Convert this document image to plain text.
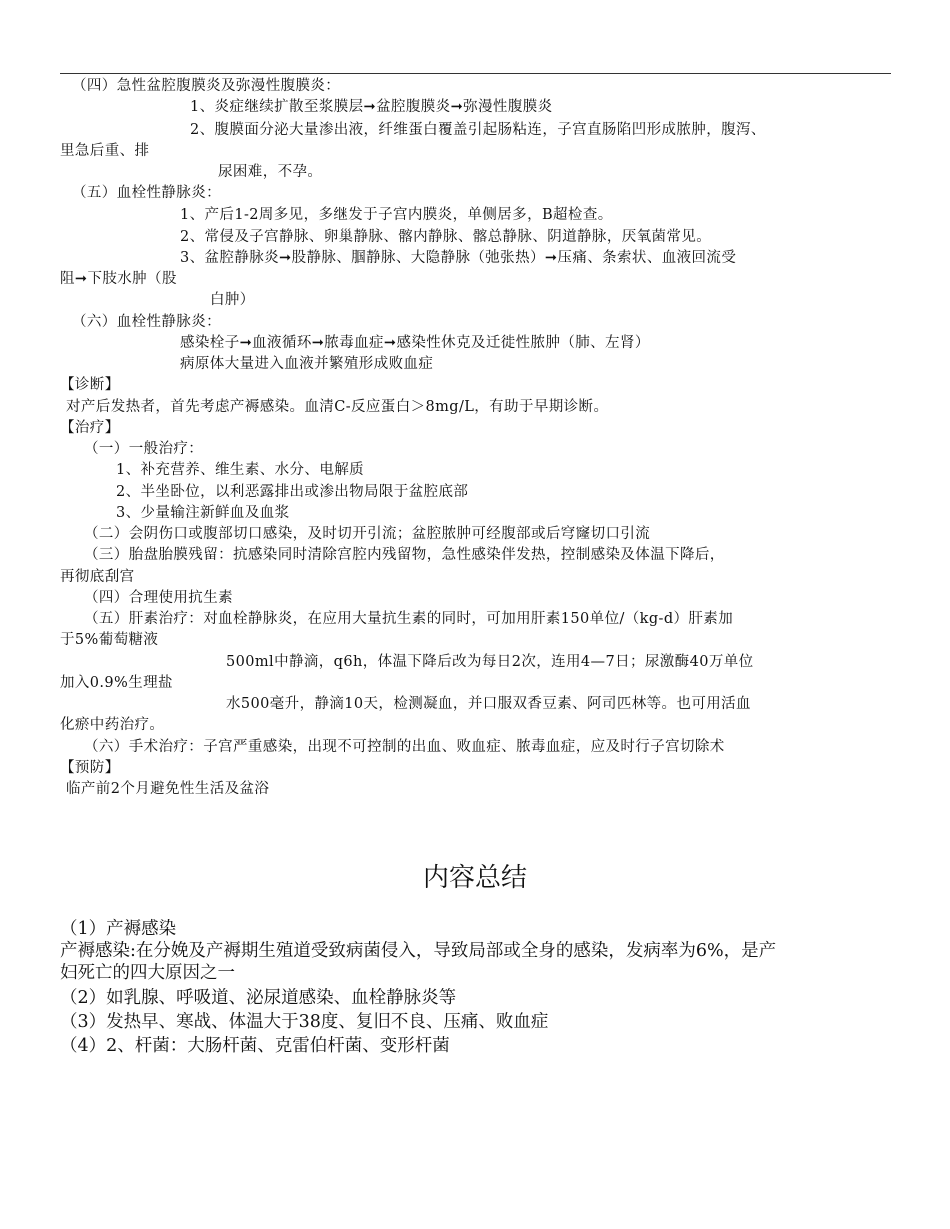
（四）急性盆腔腹膜炎及弥漫性腹膜炎：
1、炎症继续扩散至浆膜层➞盆腔腹膜炎➞弥漫性腹膜炎
2、腹膜面分泌大量渗出液，纤维蛋白覆盖引起肠粘连，子宫直肠陷凹形成脓肿，腹泻、
里急后重、排
尿困难，不孕。
（五）血栓性静脉炎：
1、产后1-2周多见，多继发于子宫内膜炎，单侧居多，B超检查。
2、常侵及子宫静脉、卵巢静脉、髂内静脉、髂总静脉、阴道静脉，厌氧菌常见。
3、盆腔静脉炎➞股静脉、腘静脉、大隐静脉（弛张热）➞压痛、条索状、血液回流受
阻➞下肢水肿（股
白肿）
（六）血栓性静脉炎：
感染栓子➞血液循环➞脓毒血症➞感染性休克及迁徙性脓肿（肺、左肾）
病原体大量进入血液并繁殖形成败血症
【诊断】
对产后发热者，首先考虑产褥感染。血清C-反应蛋白＞8mg/L，有助于早期诊断。
【治疗】
（一）一般治疗：
1、补充营养、维生素、水分、电解质
2、半坐卧位，以利恶露排出或渗出物局限于盆腔底部
3、少量输注新鲜血及血浆
（二）会阴伤口或腹部切口感染，及时切开引流；盆腔脓肿可经腹部或后穹窿切口引流
（三）胎盘胎膜残留：抗感染同时清除宫腔内残留物，急性感染伴发热，控制感染及体温下降后，
再彻底刮宫
（四）合理使用抗生素
（五）肝素治疗：对血栓静脉炎，在应用大量抗生素的同时，可加用肝素150单位/（kg-d）肝素加
于5%葡萄糖液
500ml中静滴，q6h，体温下降后改为每日2次，连用4—7日；尿激酶40万单位
加入0.9%生理盐
水500毫升，静滴10天，检测凝血，并口服双香豆素、阿司匹林等。也可用活血
化瘀中药治疗。
（六）手术治疗：子宫严重感染，出现不可控制的出血、败血症、脓毒血症，应及时行子宫切除术
【预防】
临产前2个月避免性生活及盆浴
内容总结
（1）产褥感染
产褥感染:在分娩及产褥期生殖道受致病菌侵入，导致局部或全身的感染，发病率为6%，是产
妇死亡的四大原因之一
（2）如乳腺、呼吸道、泌尿道感染、血栓静脉炎等
（3）发热早、寒战、体温大于38度、复旧不良、压痛、败血症
（4）2、杆菌：大肠杆菌、克雷伯杆菌、变形杆菌
